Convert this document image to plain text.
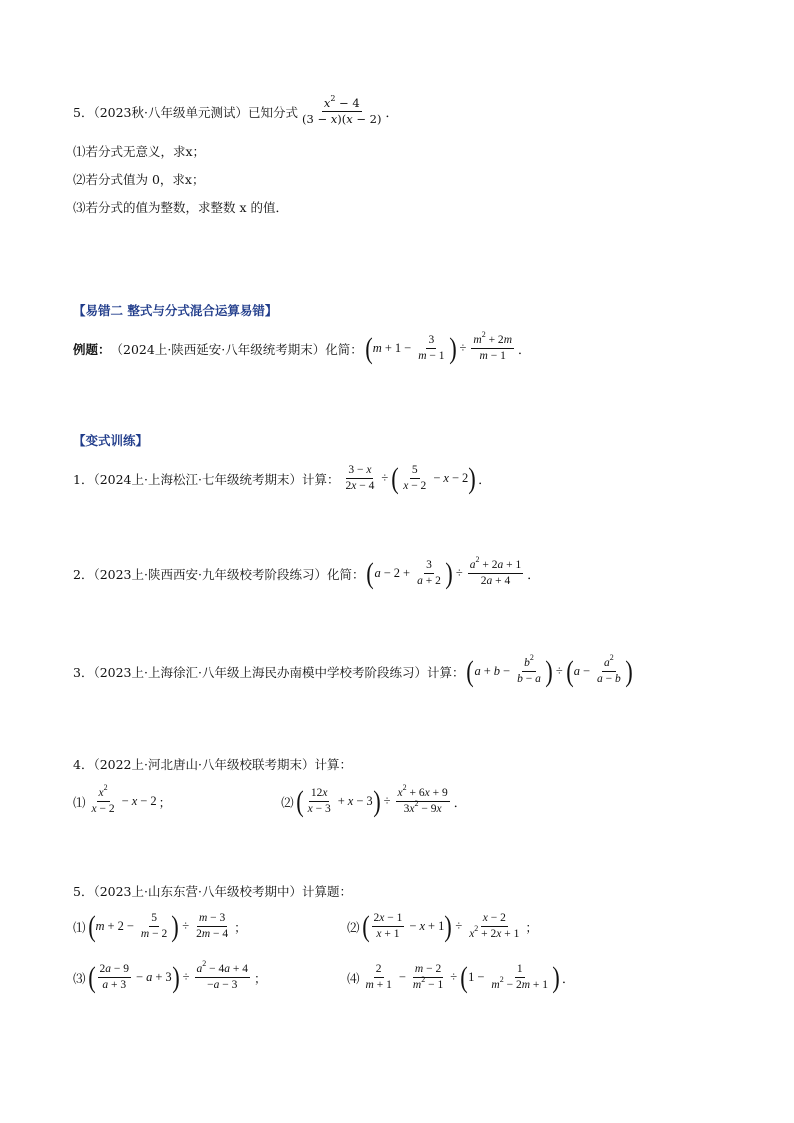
5．（2023秋·八年级单元测试）已知分式 $\frac{x^2 - 4}{(3 - x)(x - 2)}$ ．
⑴若分式无意义，求x；
⑵若分式值为 0，求x；
⑶若分式的值为整数，求整数 x 的值．
【易错二 整式与分式混合运算易错】
例题： （2024上·陕西延安·八年级统考期末）化简： ( $m + 1 - \frac{3}{m - 1}$ ) ÷ $\frac{m^2 + 2m}{m - 1}$ ．
【变式训练】
1．（2024上·上海松江·七年级统考期末）计算： $\frac{3 - x}{2x - 4}$ ÷ ( $\frac{5}{x - 2} - x - 2$ ) ．
2．（2023上·陕西西安·九年级校考阶段练习）化简： ( $a - 2 + \frac{3}{a + 2}$ ) ÷ $\frac{a^2 + 2a + 1}{2a + 4}$ ．
3．（2023上·上海徐汇·八年级上海民办南模中学校考阶段练习）计算： ( $a + b - \frac{b^2}{b - a}$ ) ÷ ( $a - \frac{a^2}{a - b}$ )
4．（2022上·河北唐山·八年级校联考期末）计算：
⑴ $\frac{x^2}{x - 2} - x - 2$ ；	⑵ ( $\frac{12x}{x - 3} + x - 3$ ) ÷ $\frac{x^2 + 6x + 9}{3x^2 - 9x}$ ．
5．（2023上·山东东营·八年级校考期中）计算题：
⑴ ( $m + 2 - \frac{5}{m - 2}$ ) ÷ $\frac{m - 3}{2m - 4}$ ；	⑵ ( $\frac{2x - 1}{x + 1} - x + 1$ ) ÷ $\frac{x - 2}{x^2 + 2x + 1}$ ；
⑶ ( $\frac{2a - 9}{a + 3} - a + 3$ ) ÷ $\frac{a^2 - 4a + 4}{-a - 3}$ ；	⑷ $\frac{2}{m + 1} - \frac{m - 2}{m^2 - 1}$ ÷ ( $1 - \frac{1}{m^2 - 2m + 1}$ ) ．
